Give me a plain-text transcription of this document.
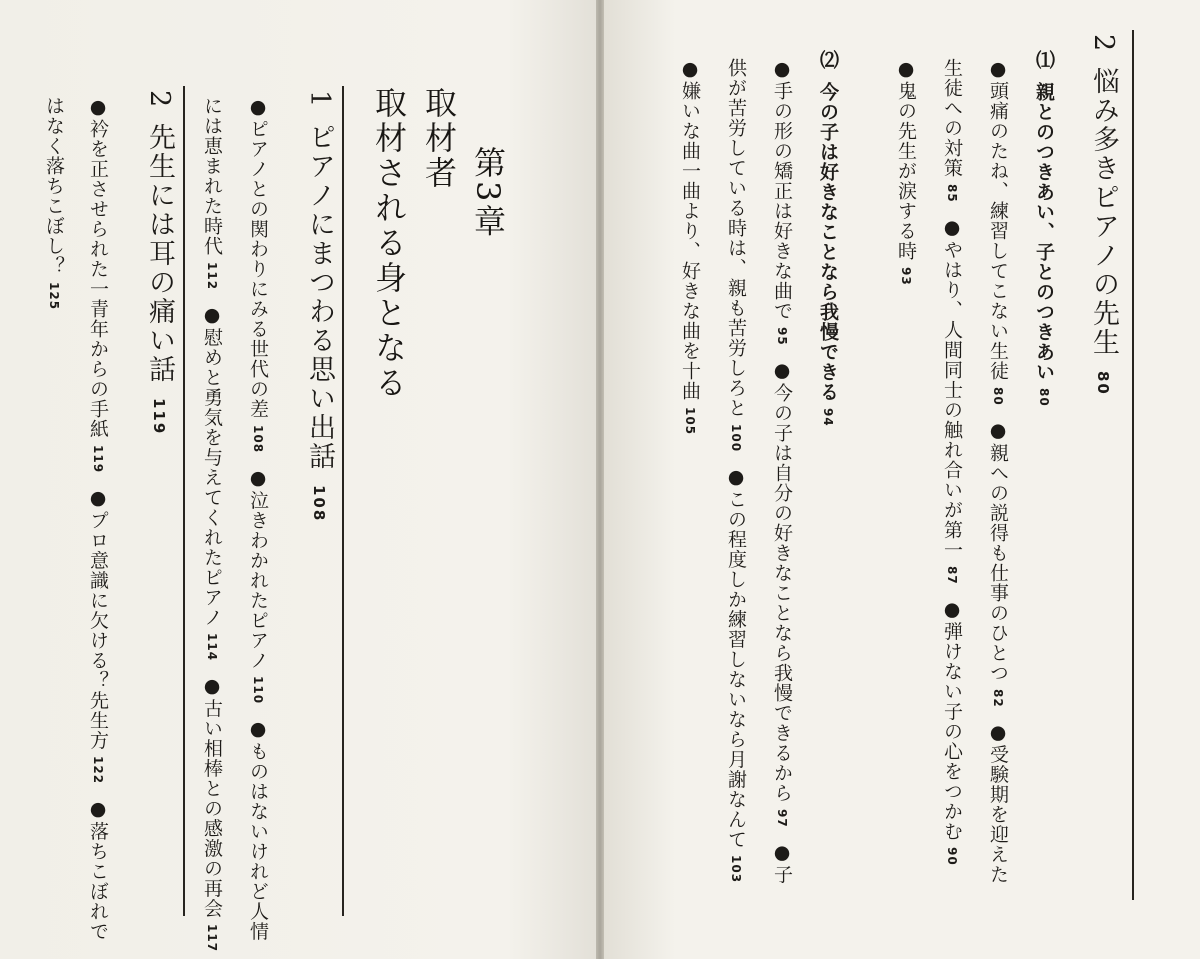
第3章
取材者
取材される身となる
1ピアノにまつわる思い出話108
●ピアノとの関わりにみる世代の差108●泣きわかれたピアノ110●ものはないけれど人情
には恵まれた時代112●慰めと勇気を与えてくれたピアノ114●古い相棒との感激の再会117
2先生には耳の痛い話119
●衿を正させられた一青年からの手紙119●プロ意識に欠ける？先生方122●落ちこぼれで
はなく落ちこぼし？125
2悩み多きピアノの先生80
⑴親とのつきあい、子とのつきあい80
●頭痛のたね、練習してこない生徒80●親への説得も仕事のひとつ82●受験期を迎えた
生徒への対策85●やはり、人間同士の触れ合いが第一87●弾けない子の心をつかむ90
●鬼の先生が涙する時93
⑵今の子は好きなことなら我慢できる94
●手の形の矯正は好きな曲で95●今の子は自分の好きなことなら我慢できるから97●子
供が苦労している時は、親も苦労しろと100●この程度しか練習しないなら月謝なんて103
●嫌いな曲一曲より、好きな曲を十曲105
